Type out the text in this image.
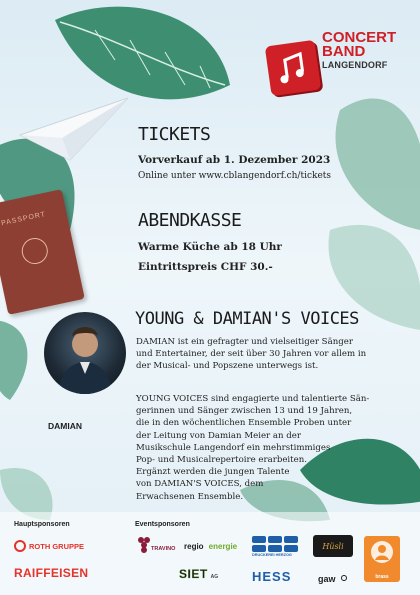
PASSPORT
CONCERT
BAND
LANGENDORF
TICKETS
Vorverkauf ab 1. Dezember 2023
Online unter www.cblangendorf.ch/tickets
ABENDKASSE
Warme Küche ab 18 Uhr
Eintrittspreis CHF 30.-
YOUNG & DAMIAN'S VOICES
DAMIAN
DAMIAN ist ein gefragter und vielseitiger Sänger
und Entertainer, der seit über 30 Jahren vor allem in
der Musical- und Popszene unterwegs ist.
YOUNG VOICES sind engagierte und talentierte Sän-
gerinnen und Sänger zwischen 13 und 19 Jahren,
die in den wöchentlichen Ensemble Proben unter
der Leitung von Damian Meier an der
Musikschule Langendorf ein mehrstimmiges
Pop- und Musicalrepertoire erarbeiten.
Ergänzt werden die jungen Talente
von DAMIAN'S VOICES, dem
Erwachsenen Ensemble.
Hauptsponsoren	Eventsponsoren
ROTH GRUPPE
RAIFFEISEN
TRAVINO regio energie
DRUCKEREI HERZOG
Hüsli
brass
SIET AG	HESS	gaw
